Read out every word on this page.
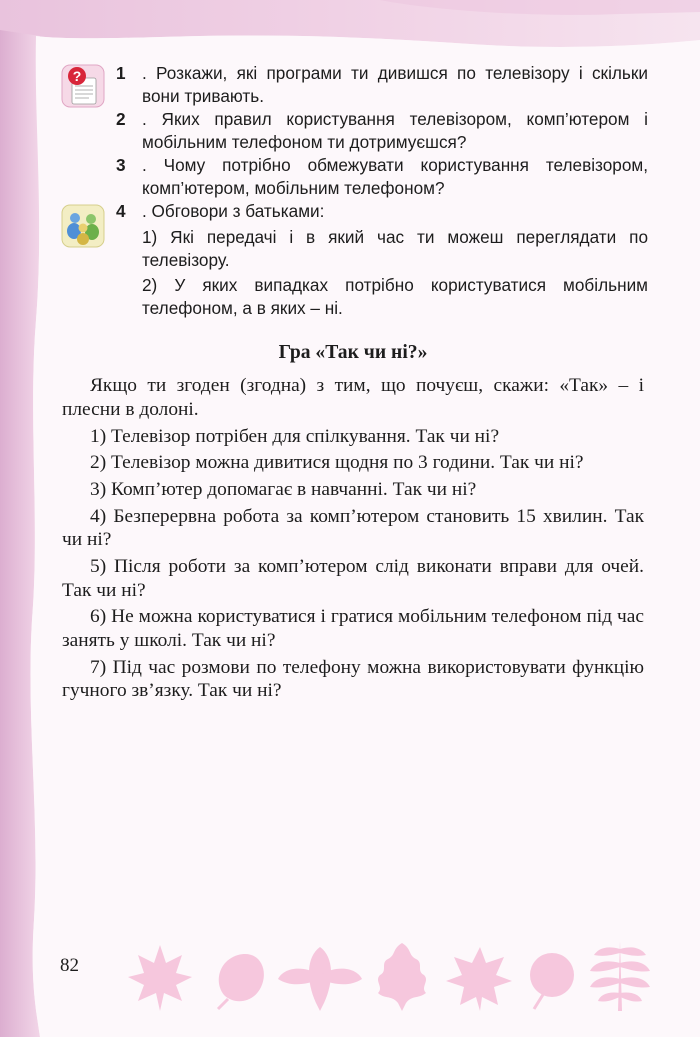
? 1 . Розкажи, які програми ти дивишся по телевізору і скільки вони тривають.
2 . Яких правил користування телевізором, комп’ютером і мобільним телефоном ти дотримуєшся?
3 . Чому потрібно обмежувати користування телевізором, комп’ютером, мобільним телефоном?
4 . Обговори з батьками:
1) Які передачі і в який час ти можеш переглядати по телевізору.
2) У яких випадках потрібно користуватися мобільним телефоном, а в яких – ні.
Гра «Так чи ні?»

Якщо ти згоден (згодна) з тим, що почуєш, скажи: «Так» – і плесни в долоні.

1) Телевізор потрібен для спілкування. Так чи ні?

2) Телевізор можна дивитися щодня по 3 години. Так чи ні?

3) Комп’ютер допомагає в навчанні. Так чи ні?

4) Безперервна робота за комп’ютером становить 15 хвилин. Так чи ні?

5) Після роботи за комп’ютером слід виконати вправи для очей. Так чи ні?

6) Не можна користуватися і гратися мобільним телефоном під час занять у школі. Так чи ні?

7) Під час розмови по телефону можна використовувати функцію гучного зв’язку. Так чи ні?

82
